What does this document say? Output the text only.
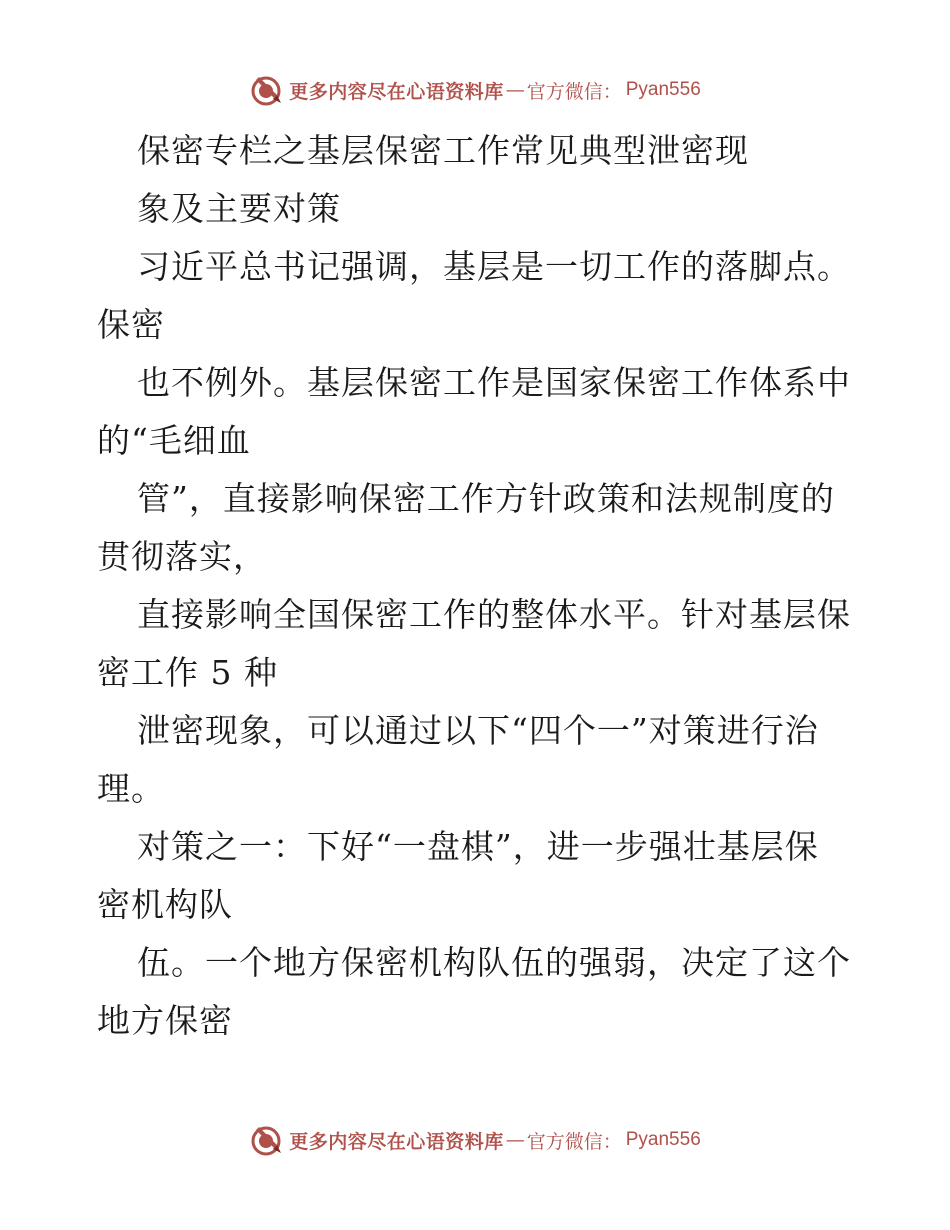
更多内容尽在心语资料库 — 官方微信： Pyan556
保密专栏之基层保密工作常见典型泄密现
象及主要对策
习近平总书记强调，基层是一切工作的落脚点。
保密
也不例外。基层保密工作是国家保密工作体系中
的“毛细血
管”，直接影响保密工作方针政策和法规制度的
贯彻落实，
直接影响全国保密工作的整体水平。针对基层保
密工作 5 种
泄密现象，可以通过以下“四个一”对策进行治
理。
对策之一：下好“一盘棋”，进一步强壮基层保
密机构队
伍。一个地方保密机构队伍的强弱，决定了这个
地方保密
更多内容尽在心语资料库 — 官方微信： Pyan556
